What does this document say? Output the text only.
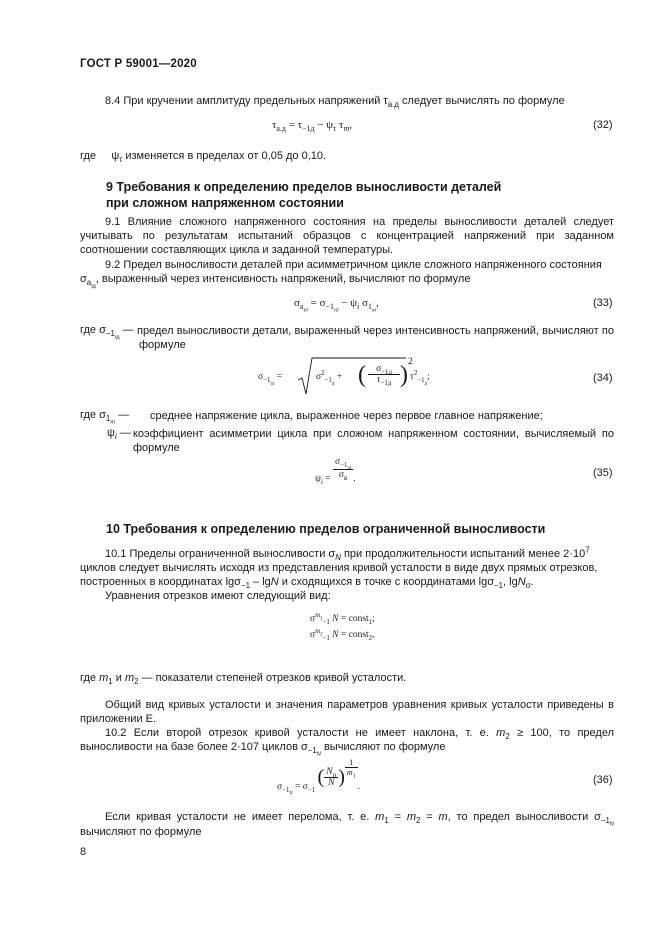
ГОСТ Р 59001—2020

8.4 При кручении амплитуду предельных напряжений $\tau_{а.д}$ следует вычислять по формуле

$\tau_{а.д} = \tau_{-1д} - \psi_\tau$ $\tau_m$,	(32)
где $\psi_\tau$ изменяется в пределах от 0,05 до 0,10.
9 Требования к определению пределов выносливости деталей
при сложном напряженном состоянии

9.1 Влияние сложного напряженного состояния на пределы выносливости деталей следует учитывать по результатам испытаний образцов с концентрацией напряжений при заданном соотношении составляющих цикла и заданной температуры.

9.2 Предел выносливости деталей при асимметричном цикле сложного напряженного состояния
$\sigma_{a_{iд}}$, выраженный через интенсивность напряжений, вычисляют по формуле

$\sigma_{a_{iд}} = \sigma_{-1_{iд}} - \psi_i$ $\sigma_{1_m}$,	(33)
где $\sigma_{-1_{iд}}$ — предел выносливости детали, выраженный через интенсивность напряжений, вычисляют по формуле
$\sigma_{-1_{iд}}$ =	$\sigma^2_{-1_д}$ + (	$\sigma_{-1д}$
$\tau_{-1д}$ ) 2
$\tau^2_{-1_д}$;	(34)
где $\sigma_{1_m}$ — среднее напряжение цикла, выраженное через первое главное напряжение;
$\psi_i$ — коэффициент асимметрии цикла при сложном напряженном состоянии, вычисляемый по формуле
$\psi_i = \frac{\sigma_{-1_{iд}}}{\sigma_в}$ .	(35)
10 Требования к определению пределов ограниченной выносливости

10.1 Пределы ограниченной выносливости $\sigma_N$ при продолжительности испытаний менее $2\cdot 10^7$
циклов следует вычислять исходя из представления кривой усталости в виде двух прямых отрезков,
построенных в координатах lgσ$_{-1}$ – lgN и сходящихся в точке с координатами lgσ$_{-1}$, lgN$_\sigma$.

Уравнения отрезков имеют следующий вид:

$\sigma^{m_1}_{-1}$ N = const$_1$;
$\sigma^{m_2}_{-1}$ N = const$_2$,

где $m_1$ и $m_2$ — показатели степеней отрезков кривой усталости.

Общий вид кривых усталости и значения параметров уравнения кривых усталости приведены в приложении Е.

10.2 Если второй отрезок кривой усталости не имеет наклона, т. е. $m_2 \ge 100$, то предел выносливости на базе более 2·107 циклов $\sigma_{-1_N}$ вычисляют по формуле

$\sigma_{-1_N} = \sigma_{-1}$ ( $\frac{N_\sigma}{N}$ ) $\frac{1}{m_1}$
.
(36)

Если кривая усталости не имеет перелома, т. е. $m_1 = m_2 = m$, то предел выносливости $\sigma_{-1_N}$ вычисляют по формуле

8
